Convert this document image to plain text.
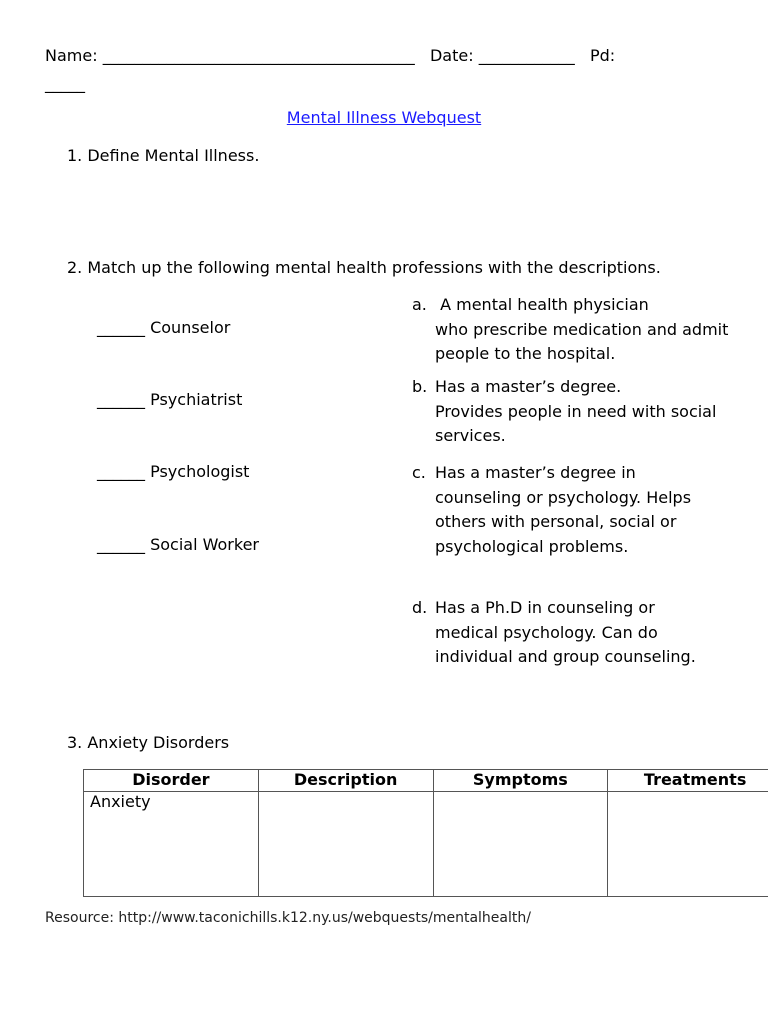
Name: _______________________________________ Date: ____________ Pd:
_____
Mental Illness Webquest
1. Define Mental Illness.
2. Match up the following mental health professions with the descriptions.
______ Counselor
______ Psychiatrist
______ Psychologist
______ Social Worker
a. A mental health physician
who prescribe medication and admit people to the hospital.
b. Has a master’s degree.
Provides people in need with social services.
c. Has a master’s degree in
counseling or psychology. Helps others with personal, social or psychological problems.
d. Has a Ph.D in counseling or
medical psychology. Can do individual and group counseling.
3. Anxiety Disorders
Disorder	Description	Symptoms	Treatments
Anxiety			
Resource: http://www.taconichills.k12.ny.us/webquests/mentalhealth/
